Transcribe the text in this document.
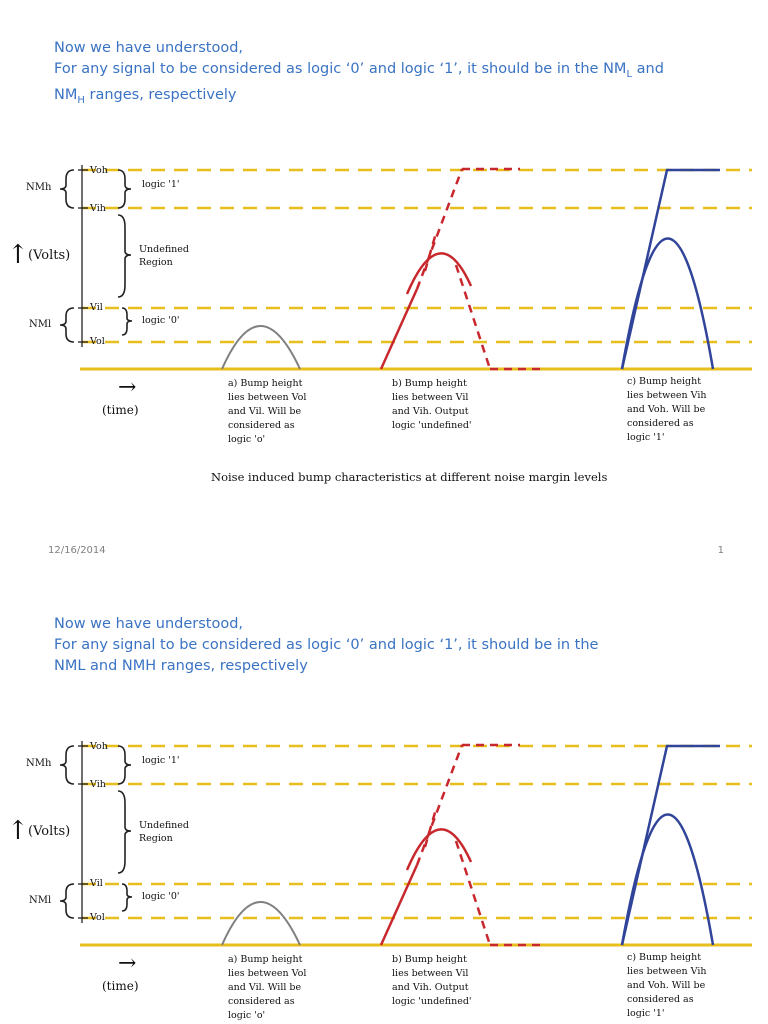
Now we have understood,
For any signal to be considered as logic ‘0’ and logic ‘1’, it should be in the $NM_L$ and
$NM_H$ ranges, respectively
NMh
NMl
Voh
Vih
Vil
Vol
logic '1'
Undefined
Region
logic '0'
↑ (Volts)
→
(time)
a) Bump height
lies between Vol
and Vil. Will be
considered as
logic 'o'
b) Bump height
lies between Vil
and Vih. Output
logic 'undefined'
c) Bump height
lies between Vih
and Voh. Will be
considered as
logic '1'
Noise induced bump characteristics at different noise margin levels
12/16/2014	1
Now we have understood,
For any signal to be considered as logic ‘0’ and logic ‘1’, it should be in the
NML and NMH ranges, respectively
NMh
NMl
Voh
Vih
Vil
Vol
logic '1'
Undefined
Region
logic '0'
↑ (Volts)
→
(time)
a) Bump height
lies between Vol
and Vil. Will be
considered as
logic 'o'
b) Bump height
lies between Vil
and Vih. Output
logic 'undefined'
c) Bump height
lies between Vih
and Voh. Will be
considered as
logic '1'
